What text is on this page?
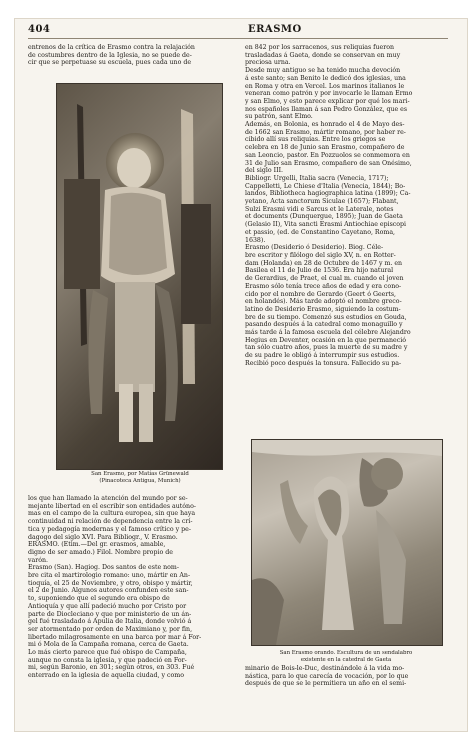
404	ERASMO
entrenos de la crítica de Erasmo contra la relajación
de costumbres dentro de la Iglesia, no se puede de-
cir que se perpetuase su escuela, pues cada uno de
San Erasmo, por Matías Grünewald
(Pinacoteca Antigua, Munich)
los que han llamado la atención del mundo por se-
mejante libertad en el escribir son entidades autóno-
mas en el campo de la cultura europea, sin que haya
continuidad ni relación de dependencia entre la crí-
tica y pedagogía modernas y el famoso crítico y pe-
dagogo del siglo XVI. Para Bibliogr., V. Erasmo.
ERASMO. (Etim.—Del gr. erasmos, amable,
digno de ser amado.) Filol. Nombre propio de
varón.
Erasmo (San). Hagiog. Dos santos de este nom-
bre cita el martirologio romano: uno, mártir en An-
tioquía, el 25 de Noviembre, y otro, obispo y mártir,
el 2 de Junio. Algunos autores confunden este san-
to, suponiendo que el segundo era obispo de
Antioquía y que allí padeció mucho por Cristo por
parte de Diocleciano y que por ministerio de un án-
gel fué trasladado á Apulia de Italia, donde volvió á
ser atormentado por orden de Maximiano y, por fin,
libertado milagrosamente en una barca por mar á For-
mi ó Mola de la Campaña romana, cerca de Gaeta.
Lo más cierto parece que fué obispo de Campaña,
aunque no consta la iglesia, y que padeció en For-
mi, según Baronio, en 301; según otros, en 303. Fué
enterrado en la iglesia de aquella ciudad, y como
en 842 por los sarracenos, sus reliquias fueron
trasladadas á Gaeta, donde se conservan en muy
preciosa urna.
Desde muy antiguo se ha tenido mucha devoción
á este santo; san Benito le dedicó dos iglesias, una
en Roma y otra en Vercel. Los marinos italianos le
veneran como patrón y por invocarle le llaman Ermo
y san Elmo, y esto parece explicar por qué los mari-
nos españoles llaman á san Pedro González, que es
su patrón, sant Elmo.
Además, en Bolonia, es honrado el 4 de Mayo des-
de 1662 san Erasmo, mártir romano, por haber re-
cibido allí sus reliquias. Entre los griegos se
celebra en 18 de Junio san Erasmo, compañero de
san Leoncio, pastor. En Pozzuolos se conmemora en
31 de Julio san Erasmo, compañero de san Onésimo,
del siglo III.
Bibliogr. Urgelli, Italia sacra (Venecia, 1717);
Cappelletti, Le Chiese d'Italia (Venecia, 1844); Bo-
landos, Bibliotheca hagiographica latina (1899); Ca-
yetano, Acta sanctorum Siculae (1657); Flabant,
Sulzi Erasmi vidi e Sarcus et le Laterale, notes
et documents (Dunquergue, 1895); Juan de Gaeta
(Gelasio II), Vita sancti Erasmi Antiochiae episcopi
et passio, (ed. de Constantino Cayetano, Roma,
1638).
Erasmo (Desiderio ó Desiderio). Biog. Céle-
bre escritor y filólogo del siglo XV, n. en Rotter-
dam (Holanda) en 28 de Octubre de 1467 y m. en
Basilea el 11 de Julio de 1536. Era hijo natural
de Gerardius, de Praet, el cual m. cuando el joven
Erasmo sólo tenía trece años de edad y era cono-
cido por el nombre de Gerardo (Geert ó Geerts,
en holandés). Más tarde adoptó el nombre greco-
latino de Desiderio Erasmo, siguiendo la costum-
bre de su tiempo. Comenzó sus estudios en Gouda,
pasando después á la catedral como monaguillo y
más tarde á la famosa escuela del célebre Alejandro
Hegius en Deventer, ocasión en la que permaneció
tan sólo cuatro años, pues la muerte de su madre y
de su padre le obligó á interrumpir sus estudios.
Recibió poco después la tonsura. Fallecido su pa-
San Erasmo orando. Escultura de un sendalabro
existente en la catedral de Gaeta
minario de Bois-le-Duc, destinándole á la vida mo-
nástica, para lo que carecía de vocación, por lo que
después de que se le permitiera un año en el semi-
